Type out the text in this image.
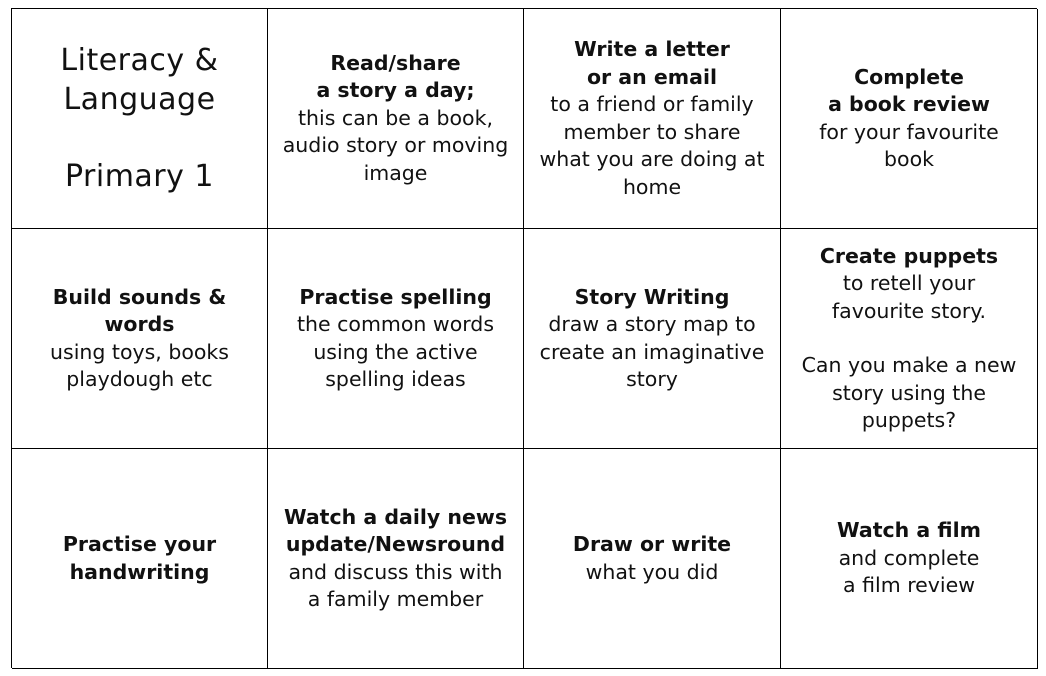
Literacy &
Language
Primary 1
Read/share
a story a day;
this can be a book,
audio story or moving
image
Write a letter
or an email
to a friend or family
member to share
what you are doing at
home
Complete
a book review
for your favourite
book
Build sounds & words
using toys, books
playdough etc
Practise spelling
the common words
using the active
spelling ideas
Story Writing
draw a story map to
create an imaginative
story
Create puppets
to retell your
favourite story.
Can you make a new
story using the
puppets?
Practise your
handwriting
Watch a daily news
update/Newsround
and discuss this with
a family member
Draw or write
what you did
Watch a film
and complete
a film review
